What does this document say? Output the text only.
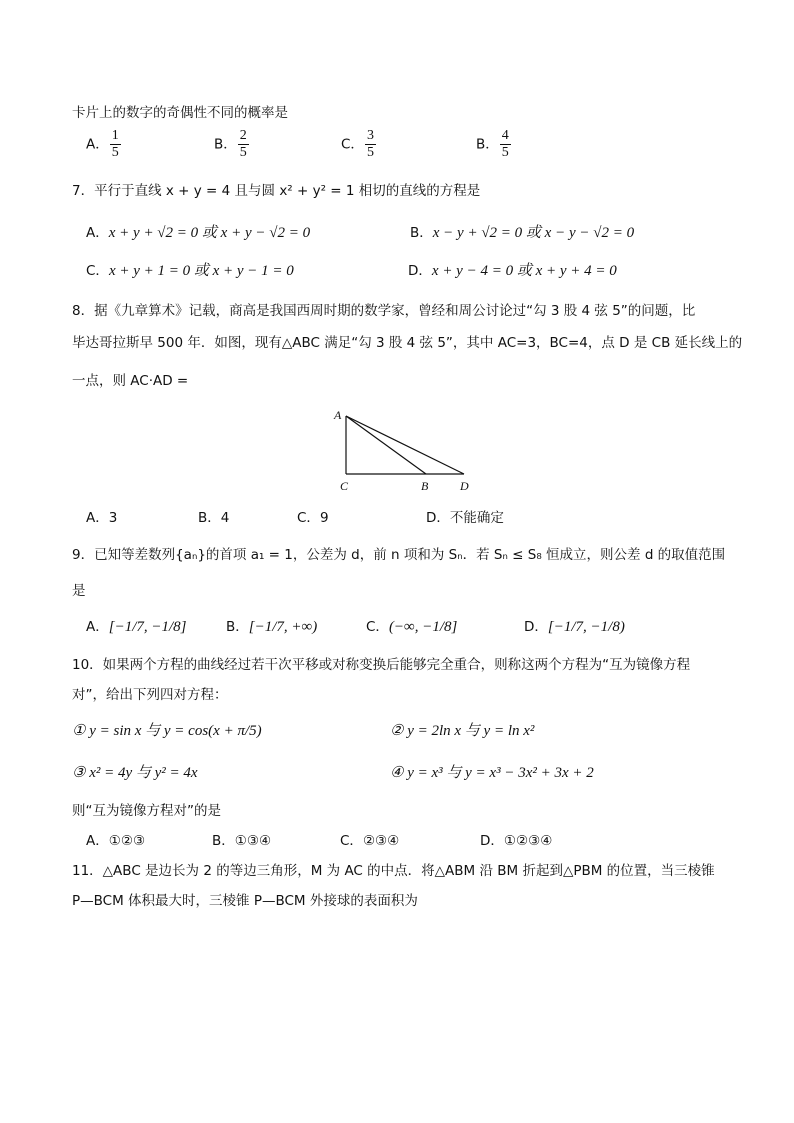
卡片上的数字的奇偶性不同的概率是
A． $\frac{1}{5}$	B． $\frac{2}{5}$	C． $\frac{3}{5}$	B． $\frac{4}{5}$
7．平行于直线 x + y = 4 且与圆 x² + y² = 1 相切的直线的方程是
A．x + y + √2 = 0 或 x + y − √2 = 0	B．x − y + √2 = 0 或 x − y − √2 = 0
C．x + y + 1 = 0 或 x + y − 1 = 0	D．x + y − 4 = 0 或 x + y + 4 = 0
8．据《九章算术》记载，商高是我国西周时期的数学家，曾经和周公讨论过“勾 3 股 4 弦 5”的问题，比
毕达哥拉斯早 500 年．如图，现有△ABC 满足“勾 3 股 4 弦 5”，其中 AC=3，BC=4，点 D 是 CB 延长线上的
一点，则 AC·AD =
A
C	B	D
A．3	B．4	C．9	D．不能确定
9．已知等差数列{aₙ}的首项 a₁ = 1，公差为 d，前 n 项和为 Sₙ．若 Sₙ ≤ S₈ 恒成立，则公差 d 的取值范围
是
A．[−1/7, −1/8]	B．[−1/7, +∞)	C．(−∞, −1/8]	D．[−1/7, −1/8)
10．如果两个方程的曲线经过若干次平移或对称变换后能够完全重合，则称这两个方程为“互为镜像方程
对”，给出下列四对方程：
① y = sin x 与 y = cos(x + π/5)	② y = 2ln x 与 y = ln x²
③ x² = 4y 与 y² = 4x	④ y = x³ 与 y = x³ − 3x² + 3x + 2
则“互为镜像方程对”的是
A．①②③	B．①③④	C．②③④	D．①②③④
11．△ABC 是边长为 2 的等边三角形，M 为 AC 的中点．将△ABM 沿 BM 折起到△PBM 的位置，当三棱锥
P—BCM 体积最大时，三棱锥 P—BCM 外接球的表面积为
